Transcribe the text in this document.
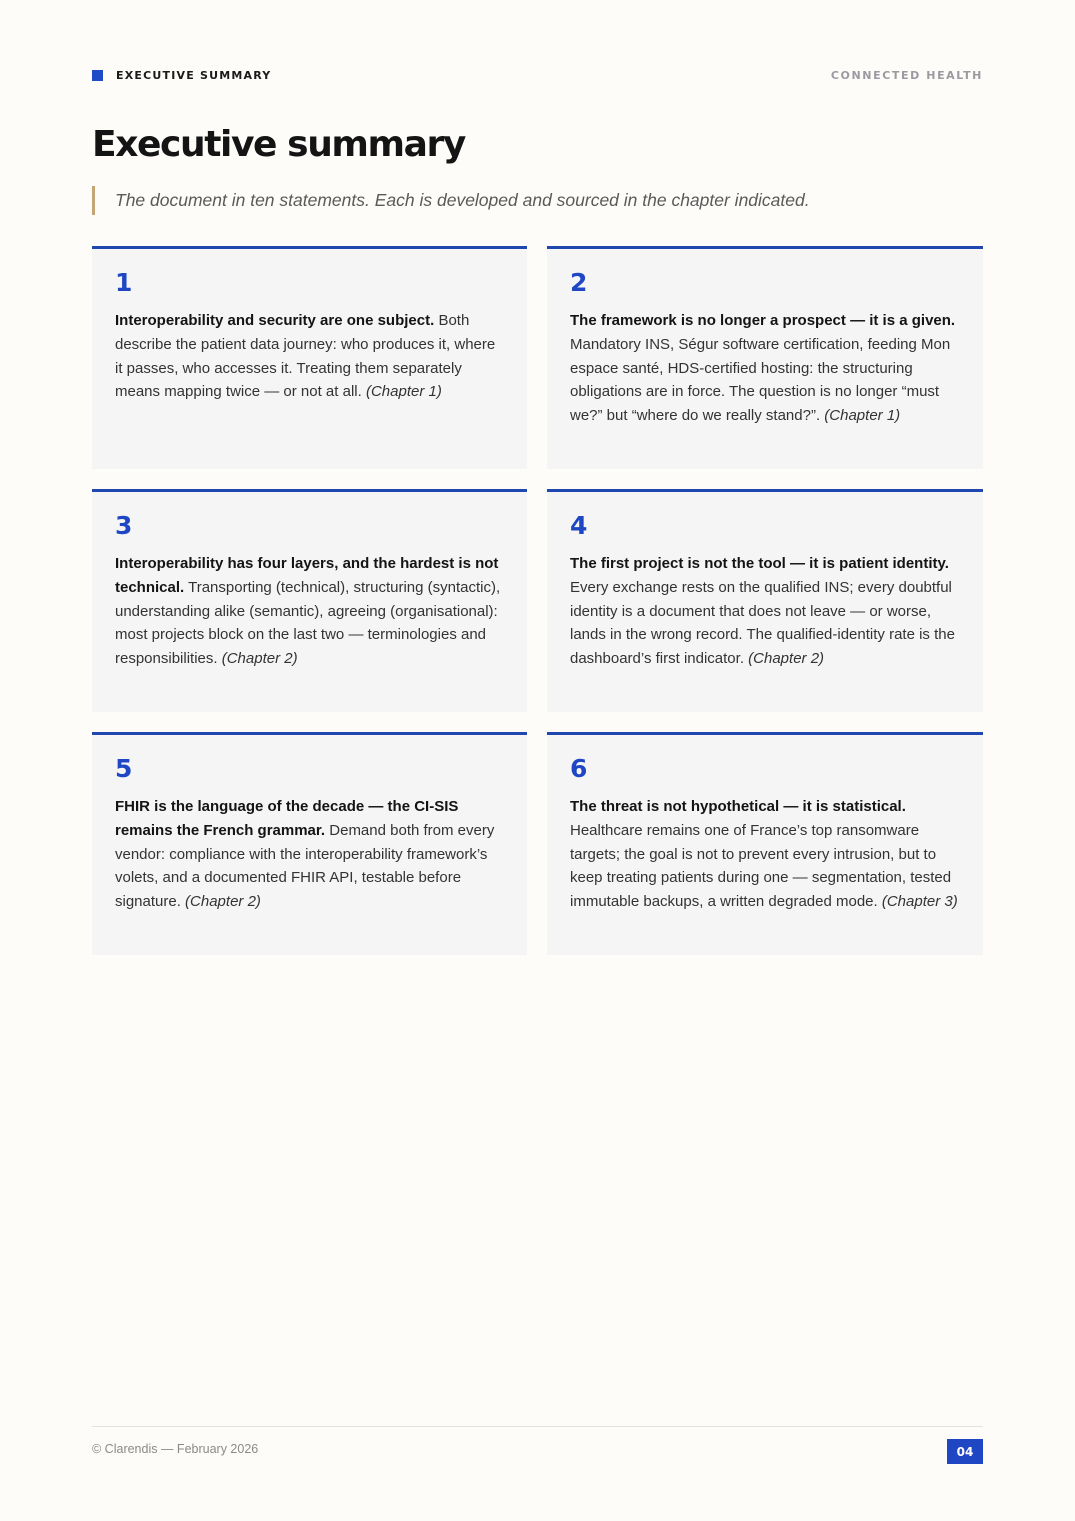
EXECUTIVE SUMMARY	CONNECTED HEALTH
Executive summary
The document in ten statements. Each is developed and sourced in the chapter indicated.
1
Interoperability and security are one subject. Both describe the patient data journey: who produces it, where it passes, who accesses it. Treating them separately means mapping twice — or not at all. (Chapter 1)
2
The framework is no longer a prospect — it is a given. Mandatory INS, Ségur software certification, feeding Mon espace santé, HDS-certified hosting: the structuring obligations are in force. The question is no longer “must we?” but “where do we really stand?”. (Chapter 1)
3
Interoperability has four layers, and the hardest is not technical. Transporting (technical), structuring (syntactic), understanding alike (semantic), agreeing (organisational): most projects block on the last two — terminologies and responsibilities. (Chapter 2)
4
The first project is not the tool — it is patient identity. Every exchange rests on the qualified INS; every doubtful identity is a document that does not leave — or worse, lands in the wrong record. The qualified-identity rate is the dashboard’s first indicator. (Chapter 2)
5
FHIR is the language of the decade — the CI-SIS remains the French grammar. Demand both from every vendor: compliance with the interoperability framework’s volets, and a documented FHIR API, testable before signature. (Chapter 2)
6
The threat is not hypothetical — it is statistical. Healthcare remains one of France’s top ransomware targets; the goal is not to prevent every intrusion, but to keep treating patients during one — segmentation, tested immutable backups, a written degraded mode. (Chapter 3)
© Clarendis — February 2026	04
